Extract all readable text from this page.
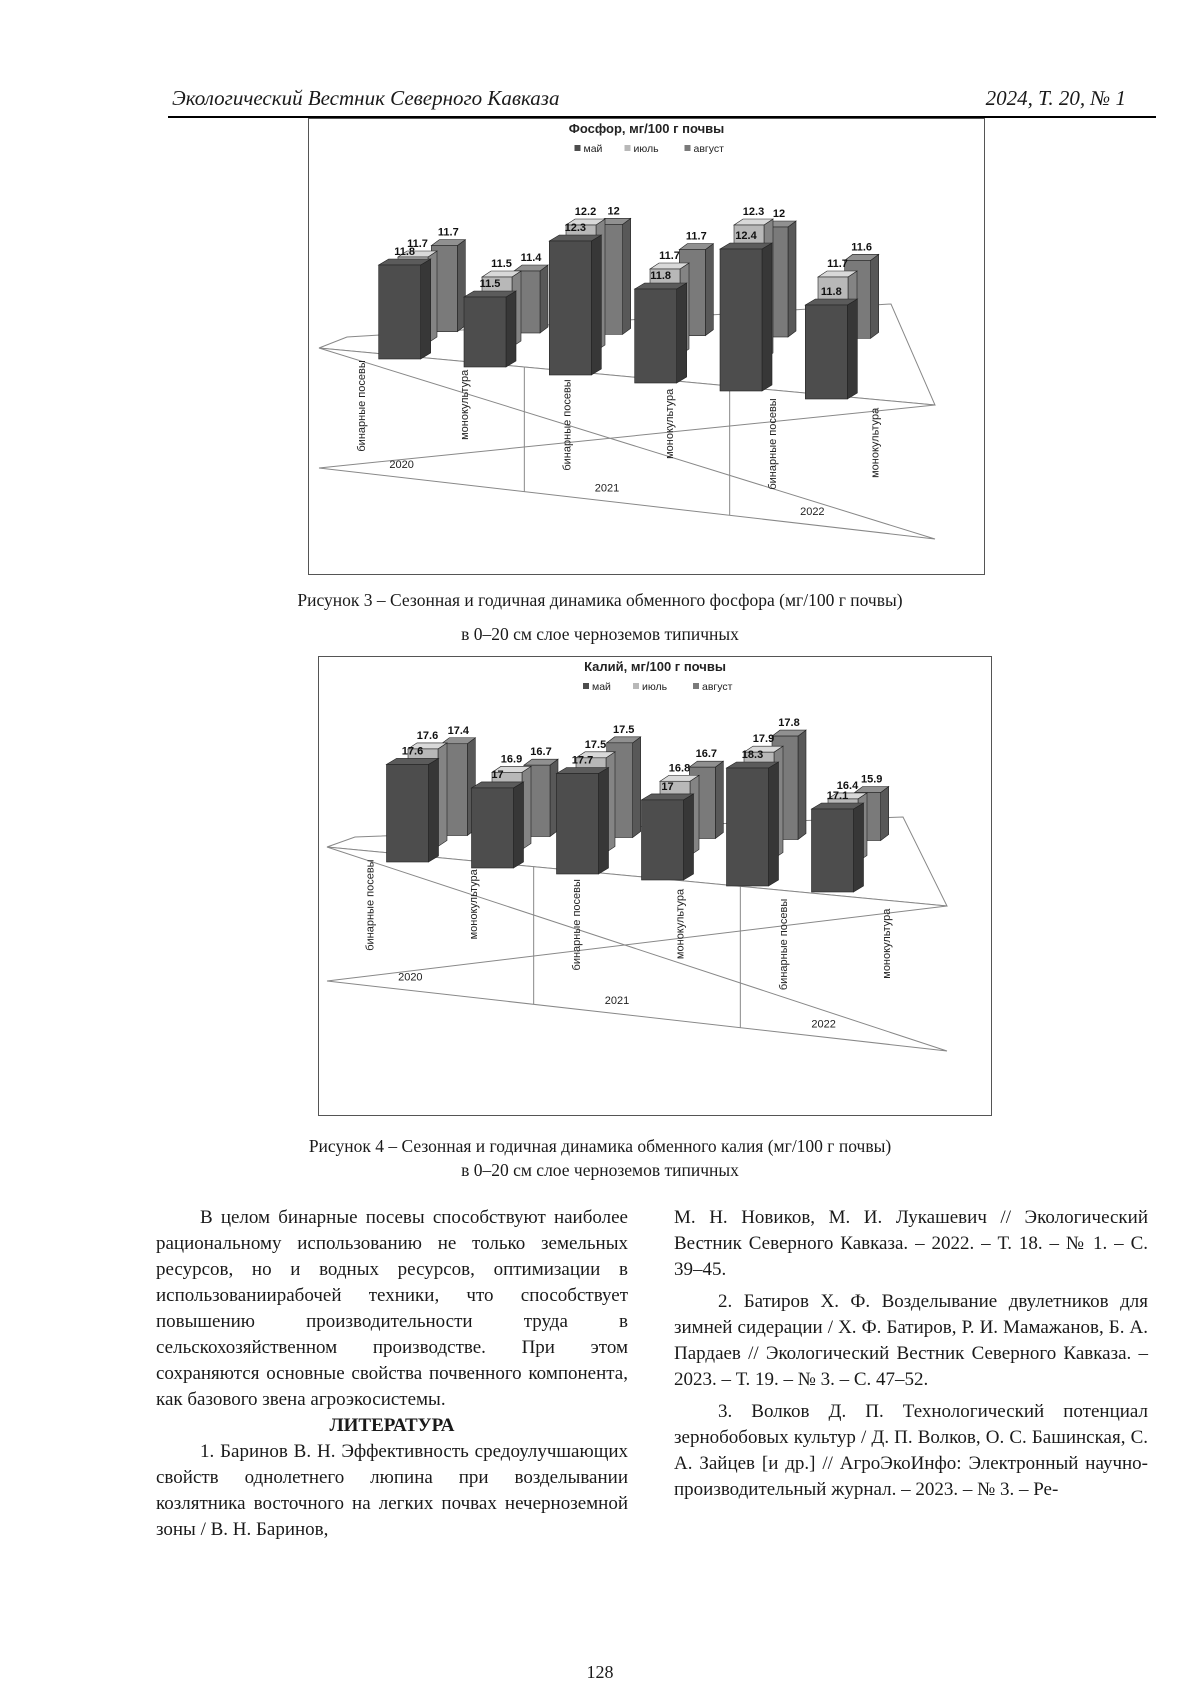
Экологический Вестник Северного Кавказа	2024, Т. 20, № 1
Фосфор, мг/100 г почвы
май	июль	август
бинарные посевы	монокультура	бинарные посевы	монокультура	бинарные посевы	монокультура
2020
2021
2022
11.7
11.4
12
11.7
12
11.6
11.7
11.5
12.2
11.7
12.3
11.7
11.8
11.5
12.3
11.8
12.4
11.8
Рисунок 3 – Сезонная и годичная динамика обменного фосфора (мг/100 г почвы)
в 0–20 см слое черноземов типичных
Калий, мг/100 г почвы
май	июль	август
бинарные посевы	монокультура	бинарные посевы	монокультура	бинарные посевы	монокультура
2020
2021
2022
17.4
16.7
17.5
16.7
17.8
15.9
17.6
16.9
17.5
16.8
17.9
16.4
17.6
17
17.7
17
18.3
17.1
Рисунок 4 – Сезонная и годичная динамика обменного калия (мг/100 г почвы)
в 0–20 см слое черноземов типичных

В целом бинарные посевы способствуют наиболее рациональному использованию не только земельных ресурсов, но и водных ресурсов, оптимизации в использованиирабочей техники, что способствует повышению производительности труда в сельскохозяйственном производстве. При этом сохраняются основные свойства почвенного компонента, как базового звена агроэкосистемы.

ЛИТЕРАТУРА

1. Баринов В. Н. Эффективность средоулучшающих свойств однолетнего люпина при возделывании козлятника восточного на легких почвах нечерноземной зоны / В. Н. Баринов,

М. Н. Новиков, М. И. Лукашевич // Экологический Вестник Северного Кавказа. – 2022. – Т. 18. – № 1. – С. 39–45.

2. Батиров Х. Ф. Возделывание двулетников для зимней сидерации / Х. Ф. Батиров, Р. И. Мамажанов, Б. А. Пардаев // Экологический Вестник Северного Кавказа. – 2023. – Т. 19. – № 3. – С. 47–52.

3. Волков Д. П. Технологический потенциал зернобобовых культур / Д. П. Волков, О. С. Башинская, С. А. Зайцев [и др.] // АгроЭкоИнфо: Электронный научно-производительный журнал. – 2023. – № 3. – Ре-

128
